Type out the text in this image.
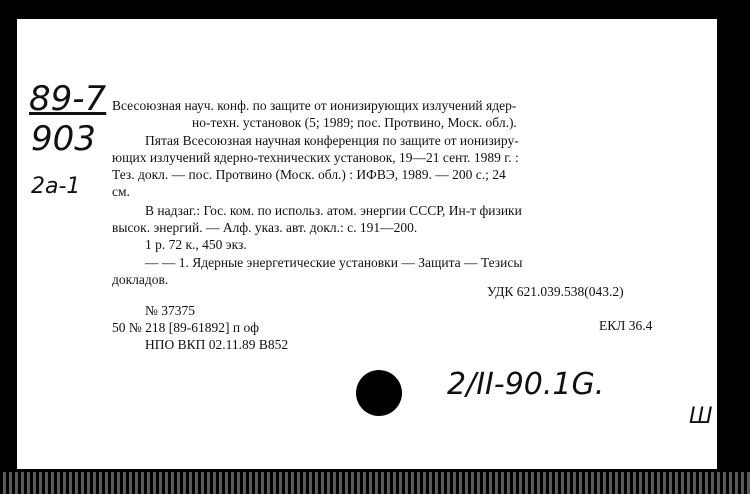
89-7
903
2a-1
Всесоюзная науч. конф. по защите от ионизирующих излучений ядер-
но-техн. установок (5; 1989; пос. Протвино, Моск. обл.).
Пятая Всесоюзная научная конференция по защите от ионизиру-
ющих излучений ядерно-технических установок, 19—21 сент. 1989 г. :
Тез. докл. — пос. Протвино (Моск. обл.) : ИФВЭ, 1989. — 200 с.; 24
см.
В надзаг.: Гос. ком. по использ. атом. энергии СССР, Ин-т физики
высок. энергий. — Алф. указ. авт. докл.: с. 191—200.
1 р. 72 к., 450 экз.
— — 1. Ядерные энергетические установки — Защита — Тезисы
докладов.
УДК 621.039.538(043.2)
№ 37375
50 № 218 [89-61892] п оф	ЕКЛ 36.4
НПО ВКП 02.11.89 В852
2/II-90.1G.
Ш
